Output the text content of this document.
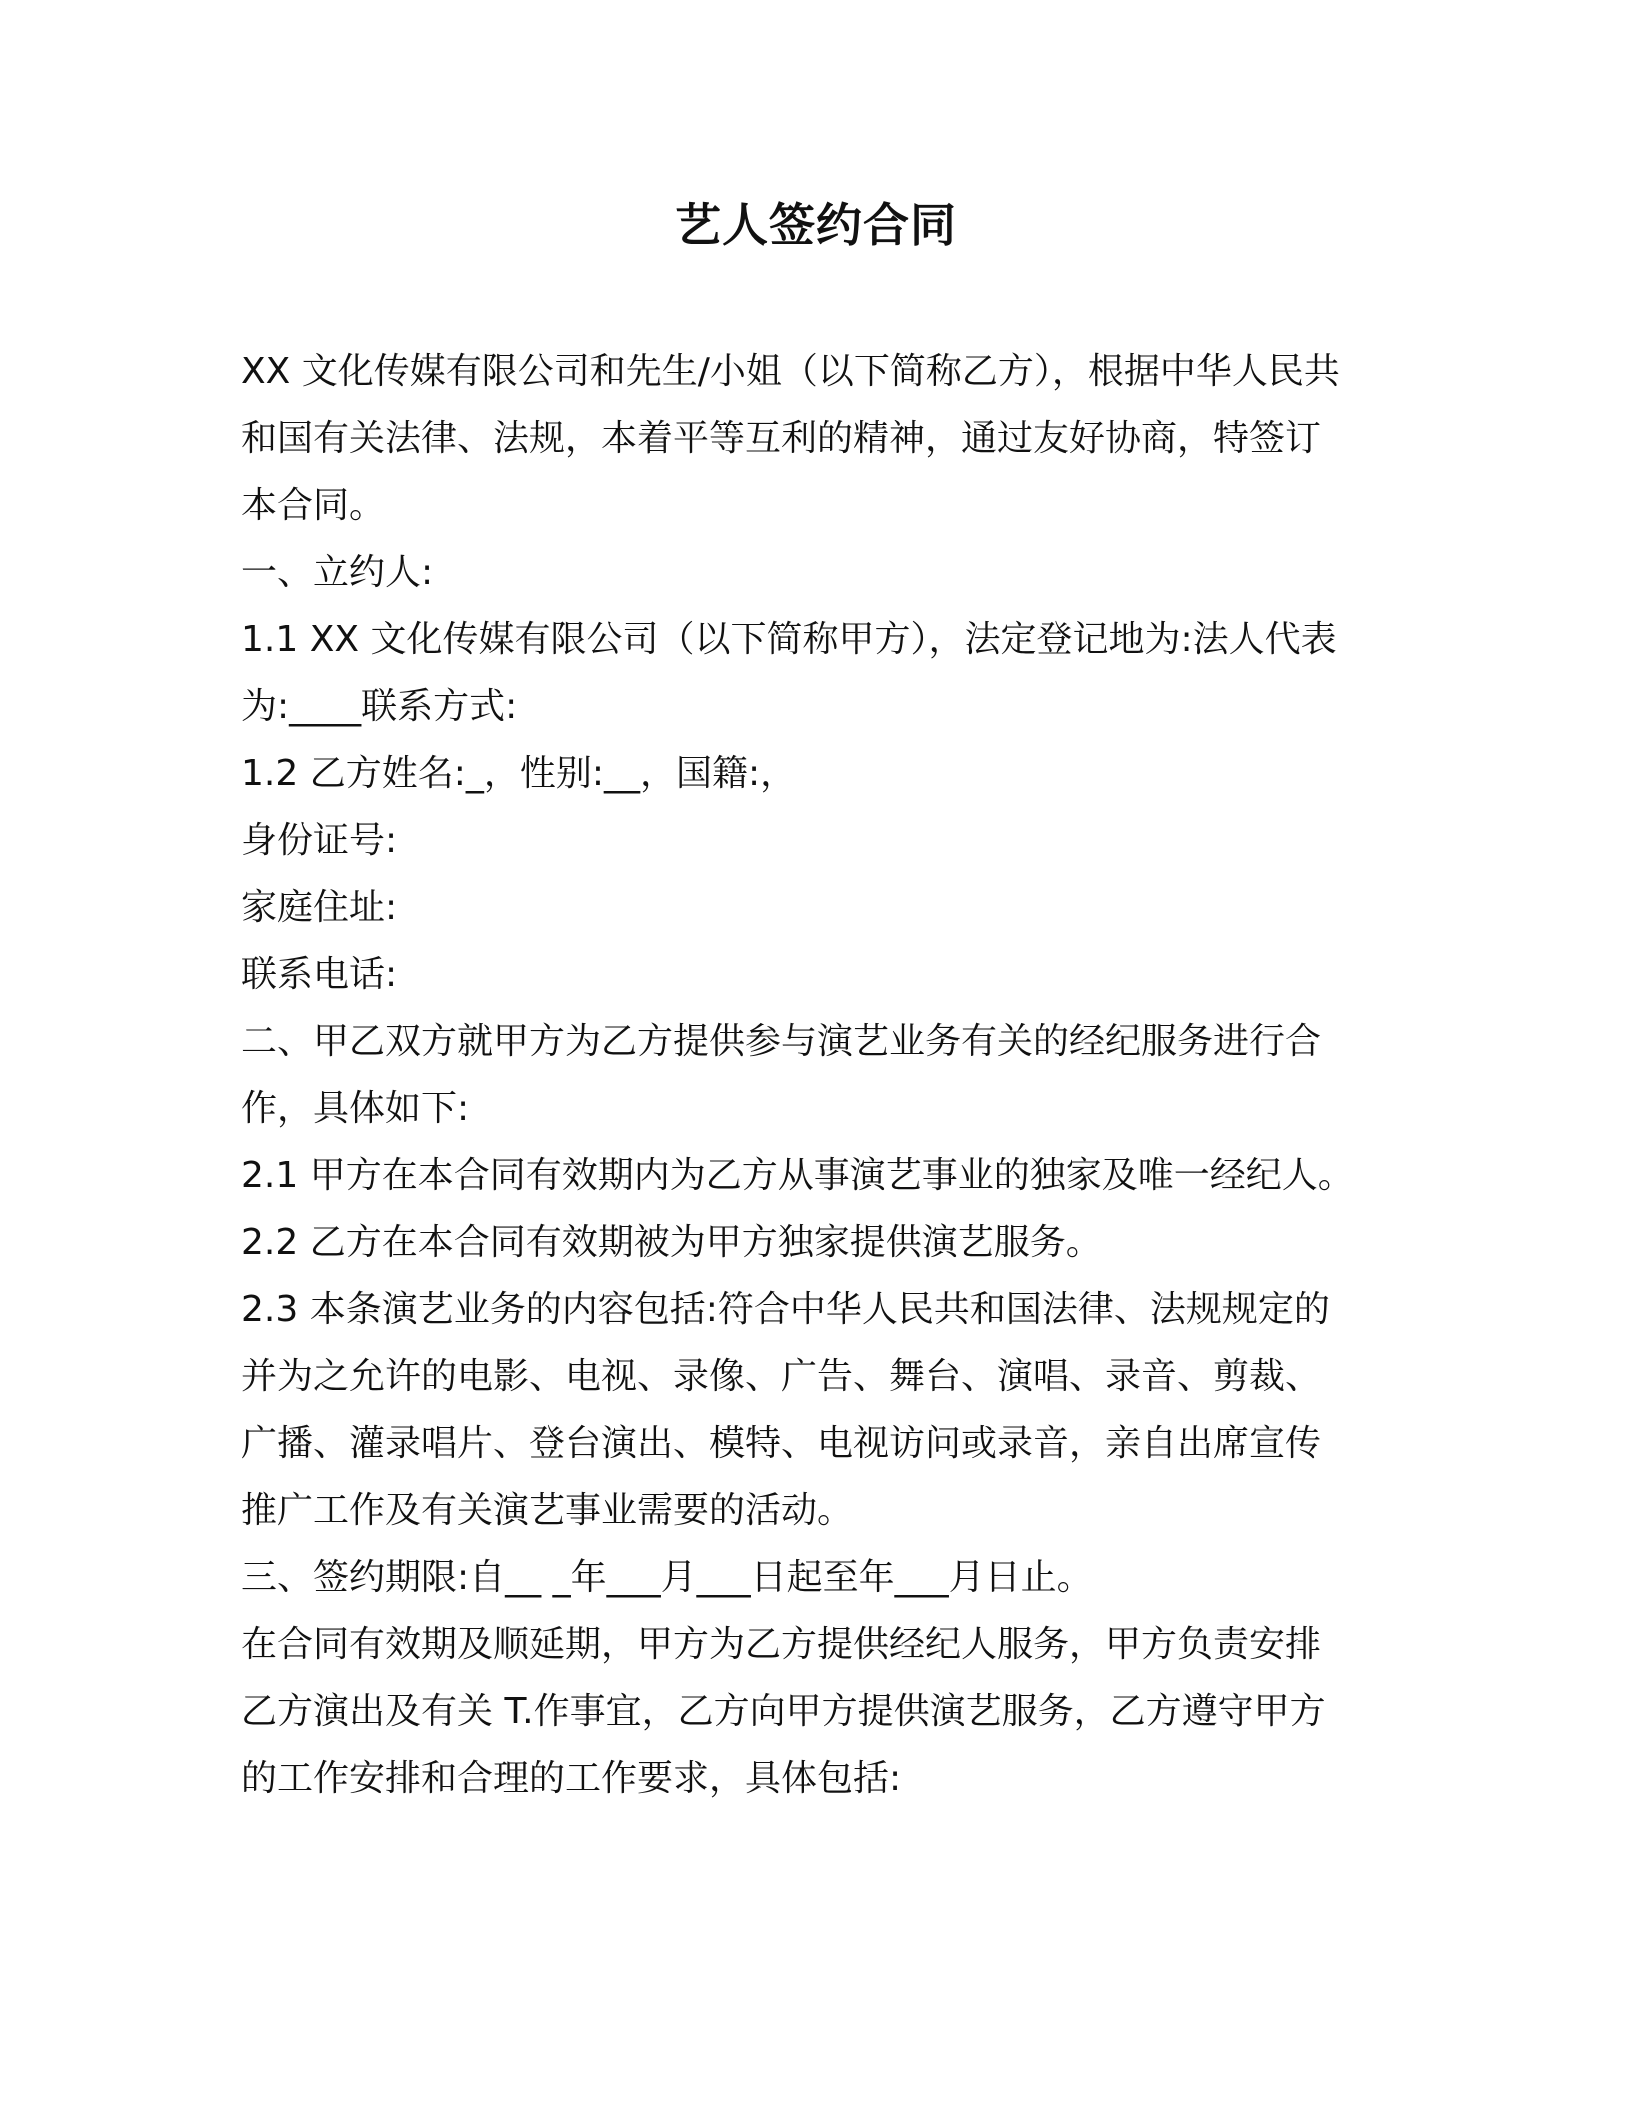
艺人签约合同

XX 文化传媒有限公司和先生/小姐（以下简称乙方），根据中华人民共

和国有关法律、法规，本着平等互利的精神，通过友好协商，特签订

本合同。

一、立约人:

1.1 XX 文化传媒有限公司（以下简称甲方），法定登记地为:法人代表

为:____联系方式:

1.2 乙方姓名:_，性别:__，国籍:，

身份证号:

家庭住址:

联系电话:

二、甲乙双方就甲方为乙方提供参与演艺业务有关的经纪服务进行合

作，具体如下:

2.1 甲方在本合同有效期内为乙方从事演艺事业的独家及唯一经纪人。

2.2 乙方在本合同有效期被为甲方独家提供演艺服务。

2.3 本条演艺业务的内容包括:符合中华人民共和国法律、法规规定的

并为之允许的电影、电视、录像、广告、舞台、演唱、录音、剪裁、

广播、灌录唱片、登台演出、模特、电视访问或录音，亲自出席宣传

推广工作及有关演艺事业需要的活动。

三、签约期限:自__ _年___月___日起至年___月日止。

在合同有效期及顺延期，甲方为乙方提供经纪人服务，甲方负责安排

乙方演出及有关 T.作事宜，乙方向甲方提供演艺服务，乙方遵守甲方

的工作安排和合理的工作要求，具体包括:
